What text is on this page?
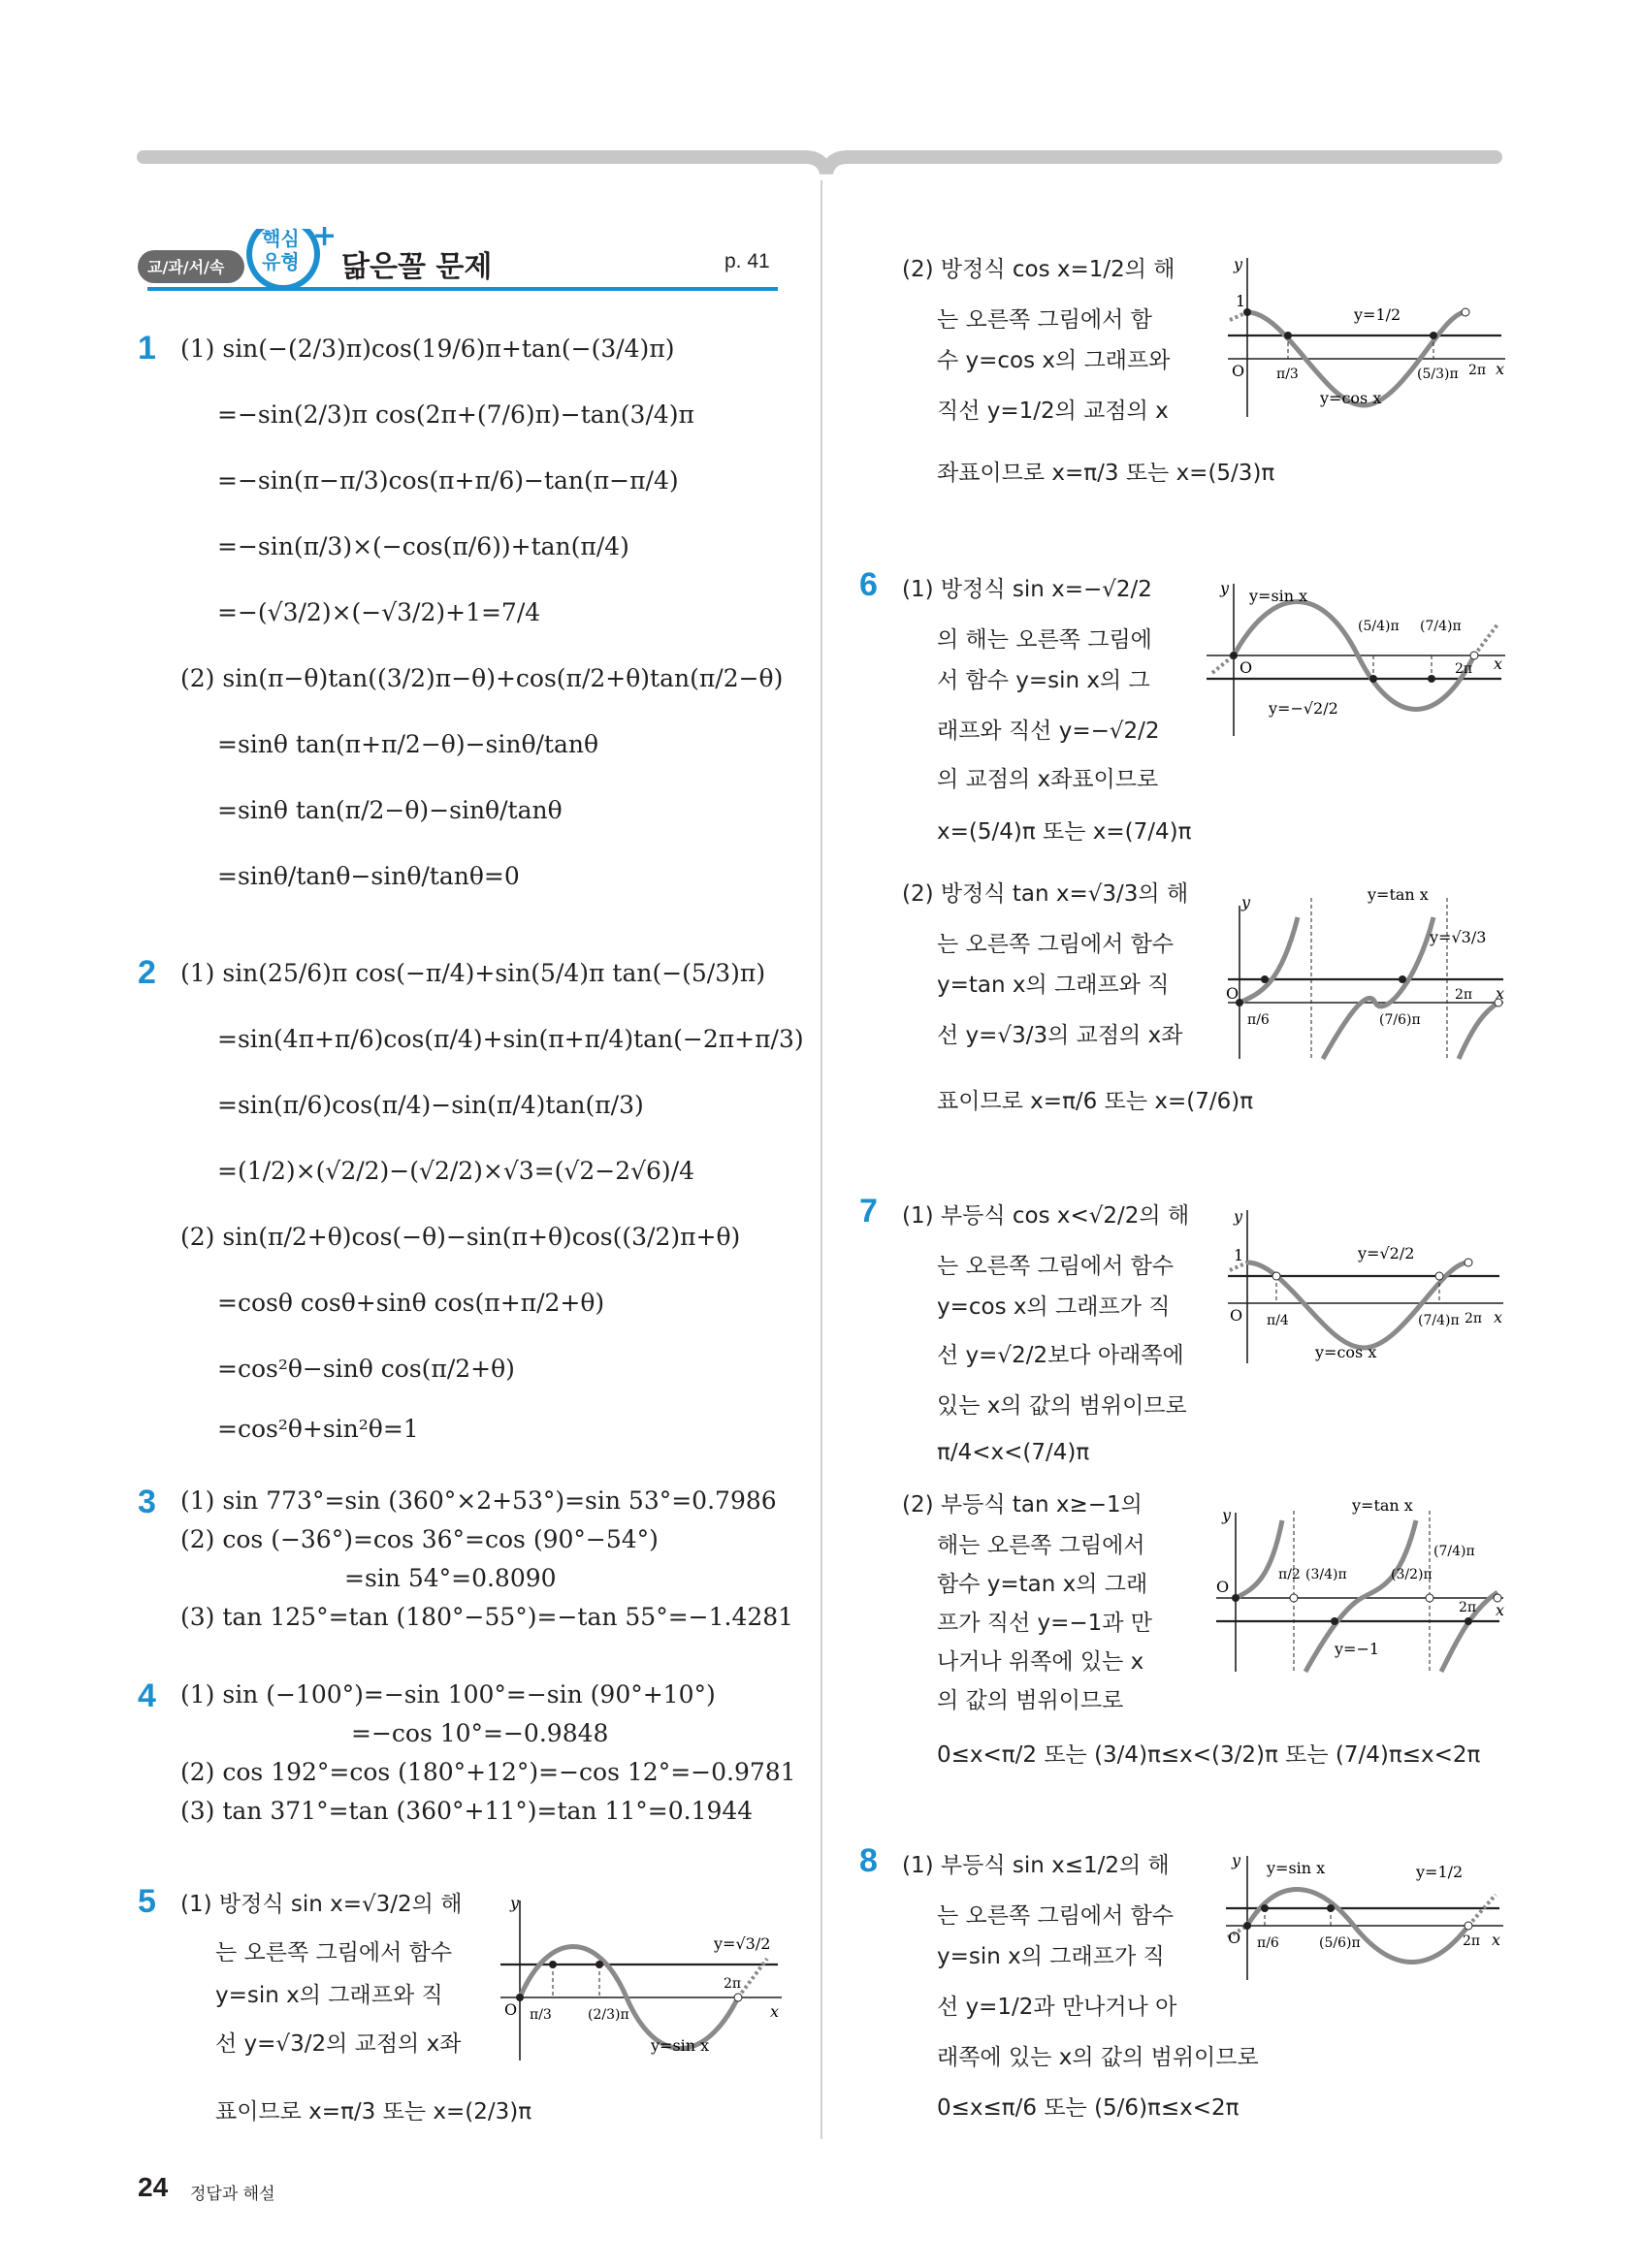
교/과/서/속
핵심
유형
+
닮은꼴 문제	p. 41
1 (1) sin(−(2/3)π)cos(19/6)π+tan(−(3/4)π)
=−sin(2/3)π cos(2π+(7/6)π)−tan(3/4)π
=−sin(π−π/3)cos(π+π/6)−tan(π−π/4)
=−sin(π/3)×(−cos(π/6))+tan(π/4)
=−(√3/2)×(−√3/2)+1=7/4
(2) sin(π−θ)tan((3/2)π−θ)+cos(π/2+θ)tan(π/2−θ)
=sinθ tan(π+π/2−θ)−sinθ/tanθ
=sinθ tan(π/2−θ)−sinθ/tanθ
=sinθ/tanθ−sinθ/tanθ=0
2 (1) sin(25/6)π cos(−π/4)+sin(5/4)π tan(−(5/3)π)
=sin(4π+π/6)cos(π/4)+sin(π+π/4)tan(−2π+π/3)
=sin(π/6)cos(π/4)−sin(π/4)tan(π/3)
=(1/2)×(√2/2)−(√2/2)×√3=(√2−2√6)/4
(2) sin(π/2+θ)cos(−θ)−sin(π+θ)cos((3/2)π+θ)
=cosθ cosθ+sinθ cos(π+π/2+θ)
=cos²θ−sinθ cos(π/2+θ)
=cos²θ+sin²θ=1
3 (1) sin 773°=sin (360°×2+53°)=sin 53°=0.7986
(2) cos (−36°)=cos 36°=cos (90°−54°)
=sin 54°=0.8090
(3) tan 125°=tan (180°−55°)=−tan 55°=−1.4281
4 (1) sin (−100°)=−sin 100°=−sin (90°+10°)
=−cos 10°=−0.9848
(2) cos 192°=cos (180°+12°)=−cos 12°=−0.9781
(3) tan 371°=tan (360°+11°)=tan 11°=0.1944
5 (1) 방정식 sin x=√3/2의 해
는 오른쪽 그림에서 함수
y=sin x의 그래프와 직
선 y=√3/2의 교점의 x좌
표이므로 x=π/3 또는 x=(2/3)π
y
x
O
y=√3/2
π/3	(2/3)π
2π
y=sin x
24 정답과 해설
(2) 방정식 cos x=1/2의 해
는 오른쪽 그림에서 함
수 y=cos x의 그래프와
직선 y=1/2의 교점의 x
좌표이므로 x=π/3 또는 x=(5/3)π
y
x
O
1
y=1/2
π/3	(5/3)π 2π
y=cos x
6 (1) 방정식 sin x=−√2/2
의 해는 오른쪽 그림에
서 함수 y=sin x의 그
래프와 직선 y=−√2/2
의 교점의 x좌표이므로
x=(5/4)π 또는 x=(7/4)π
y
x
O
y=sin x
y=−√2/2
(5/4)π (7/4)π
2π
(2) 방정식 tan x=√3/3의 해
는 오른쪽 그림에서 함수
y=tan x의 그래프와 직
선 y=√3/3의 교점의 x좌
표이므로 x=π/6 또는 x=(7/6)π
y
x
O
y=tan x
y=√3/3
π/6	(7/6)π
2π
7 (1) 부등식 cos x<√2/2의 해
는 오른쪽 그림에서 함수
y=cos x의 그래프가 직
선 y=√2/2보다 아래쪽에
있는 x의 값의 범위이므로
π/4<x<(7/4)π
y
x
O
1	y=√2/2
π/4	(7/4)π 2π
y=cos x
(2) 부등식 tan x≥−1의
해는 오른쪽 그림에서
함수 y=tan x의 그래
프가 직선 y=−1과 만
나거나 위쪽에 있는 x
의 값의 범위이므로
0≤x<π/2 또는 (3/4)π≤x<(3/2)π 또는 (7/4)π≤x<2π
y
x
O
y=tan x
y=−1
π/2 (3/4)π	(3/2)π
(7/4)π
2π
8 (1) 부등식 sin x≤1/2의 해
는 오른쪽 그림에서 함수
y=sin x의 그래프가 직
선 y=1/2과 만나거나 아
래쪽에 있는 x의 값의 범위이므로
0≤x≤π/6 또는 (5/6)π≤x<2π
y
x
O
y=sin x	y=1/2
π/6	(5/6)π	2π
